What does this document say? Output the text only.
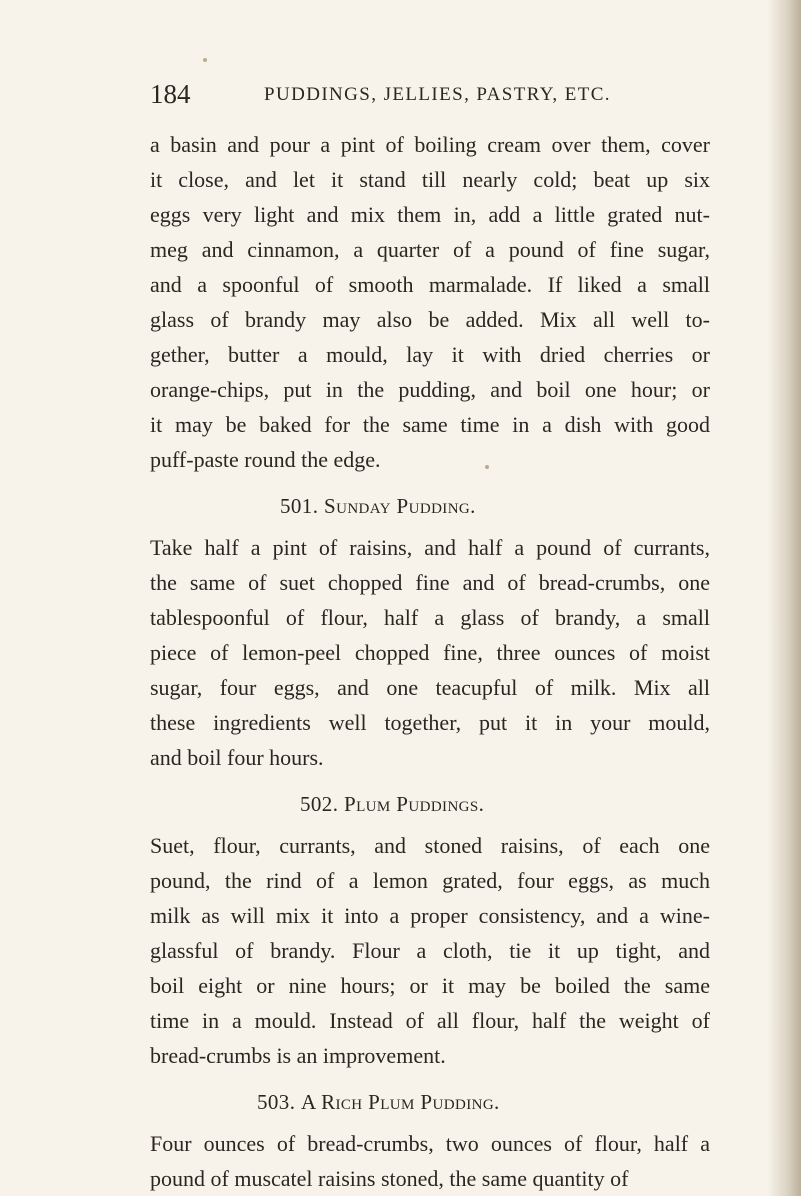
184	PUDDINGS, JELLIES, PASTRY, ETC.
a basin and pour a pint of boiling cream over them, cover
it close, and let it stand till nearly cold; beat up six
eggs very light and mix them in, add a little grated nut-
meg and cinnamon, a quarter of a pound of fine sugar,
and a spoonful of smooth marmalade. If liked a small
glass of brandy may also be added. Mix all well to-
gether, butter a mould, lay it with dried cherries or
orange-chips, put in the pudding, and boil one hour; or
it may be baked for the same time in a dish with good
puff-paste round the edge.
501. Sunday Pudding.
Take half a pint of raisins, and half a pound of currants,
the same of suet chopped fine and of bread-crumbs, one
tablespoonful of flour, half a glass of brandy, a small
piece of lemon-peel chopped fine, three ounces of moist
sugar, four eggs, and one teacupful of milk. Mix all
these ingredients well together, put it in your mould,
and boil four hours.
502. Plum Puddings.
Suet, flour, currants, and stoned raisins, of each one
pound, the rind of a lemon grated, four eggs, as much
milk as will mix it into a proper consistency, and a wine-
glassful of brandy. Flour a cloth, tie it up tight, and
boil eight or nine hours; or it may be boiled the same
time in a mould. Instead of all flour, half the weight of
bread-crumbs is an improvement.
503. A Rich Plum Pudding.
Four ounces of bread-crumbs, two ounces of flour, half a
pound of muscatel raisins stoned, the same quantity of
